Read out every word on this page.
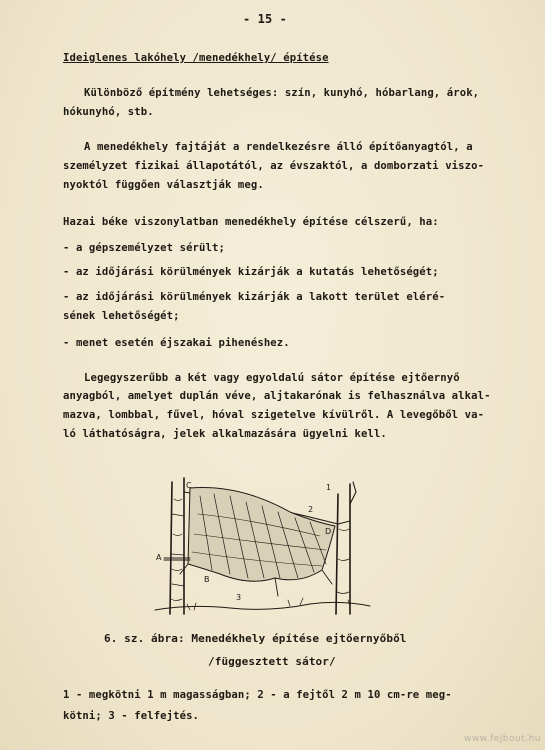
- 15 -
Ideiglenes lakóhely /menedékhely/ építése
Különböző építmény lehetséges: szín, kunyhó, hóbarlang, árok,
hókunyhó, stb.
A menedékhely fajtáját a rendelkezésre álló építőanyagtól, a
személyzet fizikai állapotától, az évszaktól, a domborzati viszo-
nyoktól függően választják meg.
Hazai béke viszonylatban menedékhely építése célszerű, ha:
- a gépszemélyzet sérült;
- az időjárási körülmények kizárják a kutatás lehetőségét;
- az időjárási körülmények kizárják a lakott terület eléré-
sének lehetőségét;
- menet esetén éjszakai pihenéshez.
Legegyszerűbb a két vagy egyoldalú sátor építése ejtőernyő
anyagból, amelyet duplán véve, aljtakarónak is felhasználva alkal-
mazva, lombbal, fűvel, hóval szigetelve kívülről. A levegőből va-
ló láthatóságra, jelek alkalmazására ügyelni kell.
C	1
2
D
A
B
3
6. sz. ábra: Menedékhely építése ejtőernyőből
/függesztett sátor/
1 - megkötni 1 m magasságban; 2 - a fejtől 2 m 10 cm-re meg-
kötni; 3 - felfejtés.
www.fejbout.hu
